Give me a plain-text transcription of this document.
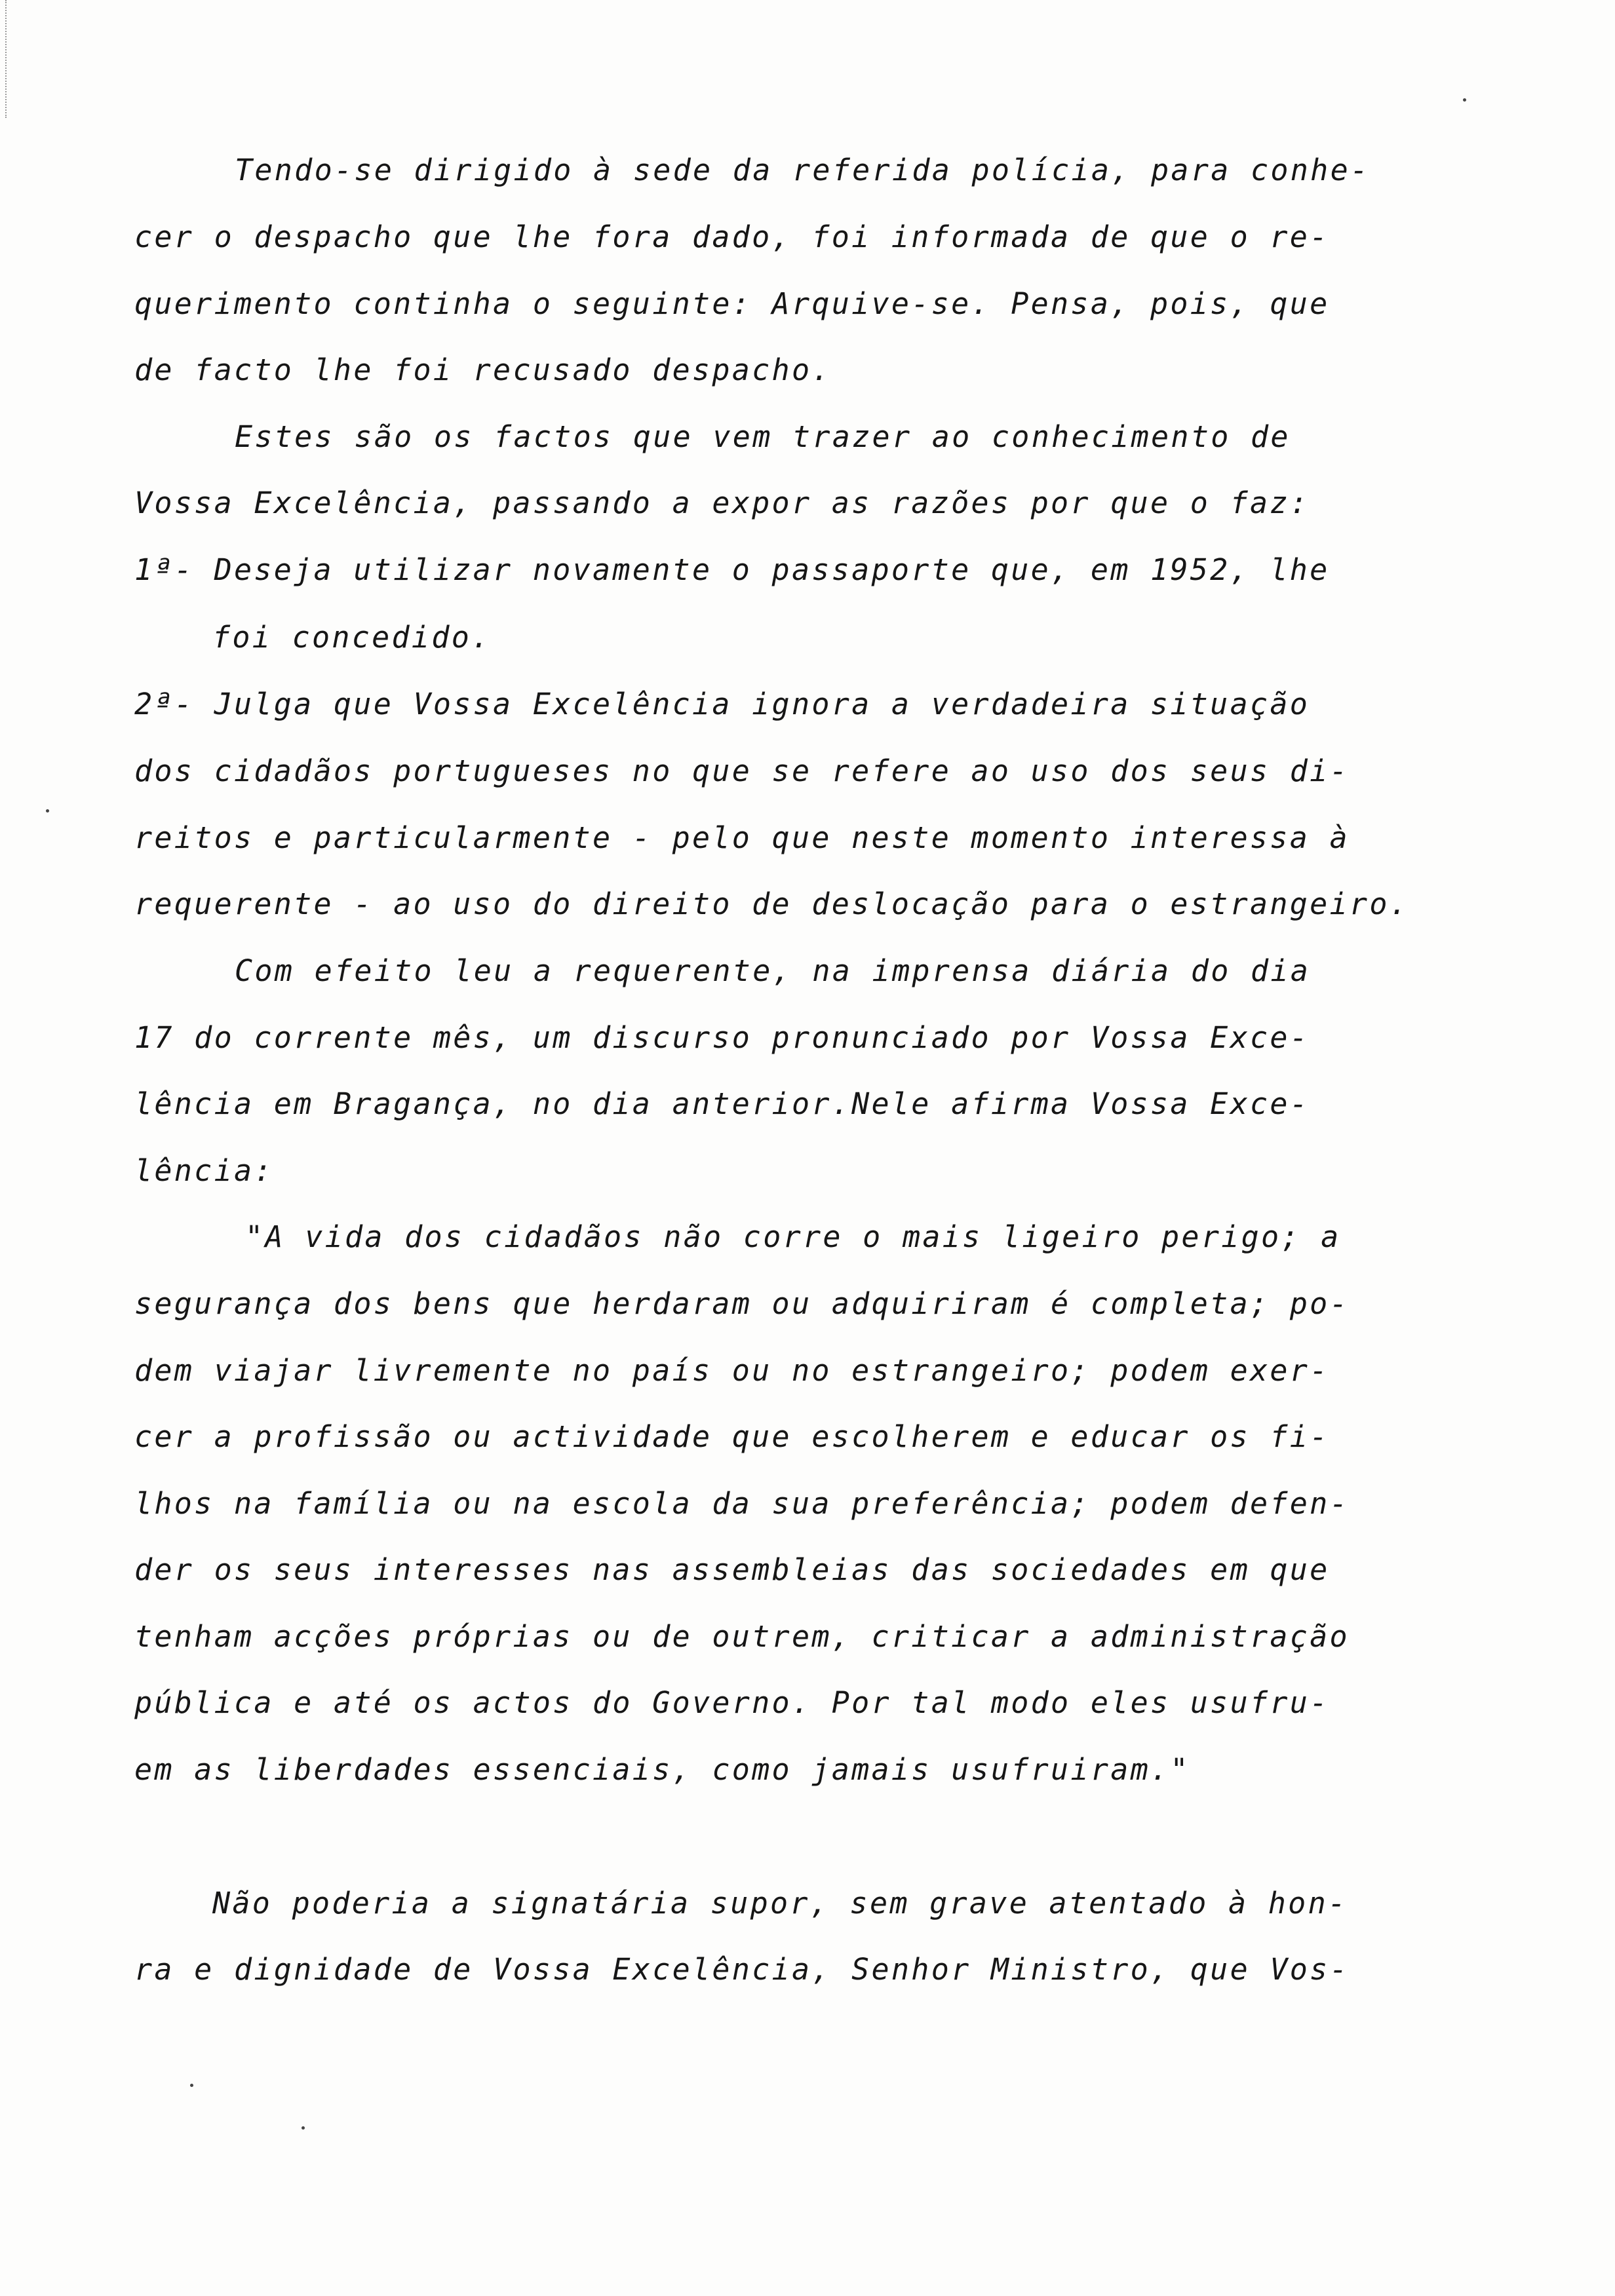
Tendo-se dirigido à sede da referida polícia, para conhe-
cer o despacho que lhe fora dado, foi informada de que o re-
querimento continha o seguinte: Arquive-se. Pensa, pois, que
de facto lhe foi recusado despacho.
Estes são os factos que vem trazer ao conhecimento de
Vossa Excelência, passando a expor as razões por que o faz:
1ª- Deseja utilizar novamente o passaporte que, em 1952, lhe
foi concedido.
2ª- Julga que Vossa Excelência ignora a verdadeira situação
dos cidadãos portugueses no que se refere ao uso dos seus di-
reitos e particularmente - pelo que neste momento interessa à
requerente - ao uso do direito de deslocação para o estrangeiro.
Com efeito leu a requerente, na imprensa diária do dia
17 do corrente mês, um discurso pronunciado por Vossa Exce-
lência em Bragança, no dia anterior.Nele afirma Vossa Exce-
lência:
"A vida dos cidadãos não corre o mais ligeiro perigo; a
segurança dos bens que herdaram ou adquiriram é completa; po-
dem viajar livremente no país ou no estrangeiro; podem exer-
cer a profissão ou actividade que escolherem e educar os fi-
lhos na família ou na escola da sua preferência; podem defen-
der os seus interesses nas assembleias das sociedades em que
tenham acções próprias ou de outrem, criticar a administração
pública e até os actos do Governo. Por tal modo eles usufru-
em as liberdades essenciais, como jamais usufruiram."
Não poderia a signatária supor, sem grave atentado à hon-
ra e dignidade de Vossa Excelência, Senhor Ministro, que Vos-
